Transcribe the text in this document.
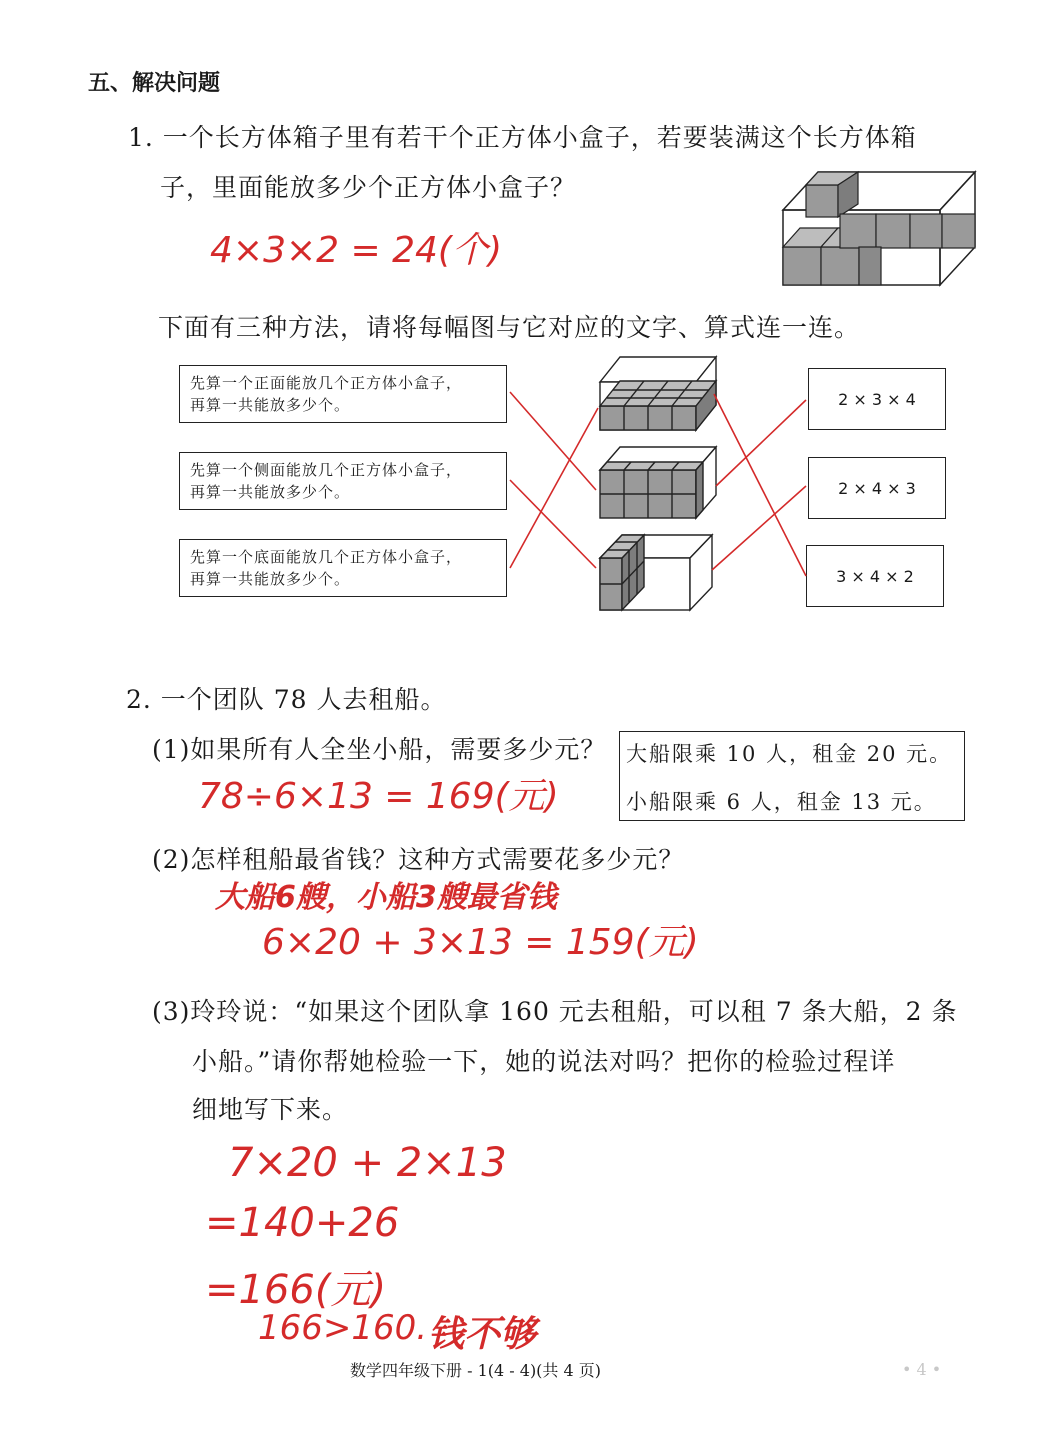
五、解决问题
1. 一个长方体箱子里有若干个正方体小盒子，若要装满这个长方体箱
子，里面能放多少个正方体小盒子？
4×3×2 = 24(个)
下面有三种方法，请将每幅图与它对应的文字、算式连一连。
先算一个正面能放几个正方体小盒子，
再算一共能放多少个。
先算一个侧面能放几个正方体小盒子，
再算一共能放多少个。
先算一个底面能放几个正方体小盒子，
再算一共能放多少个。
2 × 3 × 4
2 × 4 × 3
3 × 4 × 2
2. 一个团队 78 人去租船。
(1)如果所有人全坐小船，需要多少元？
78÷6×13 = 169(元)
大船限乘 10 人，租金 20 元。
小船限乘 6 人，租金 13 元。
(2)怎样租船最省钱？这种方式需要花多少元？
大船6艘，小船3艘最省钱
6×20 + 3×13 = 159(元)
(3)玲玲说：“如果这个团队拿 160 元去租船，可以租 7 条大船，2 条
小船。”请你帮她检验一下，她的说法对吗？把你的检验过程详
细地写下来。
7×20 + 2×13
=140+26
=166(元)
166>160. 钱不够
数学四年级下册 - 1(4 - 4)(共 4 页)	• 4 •
